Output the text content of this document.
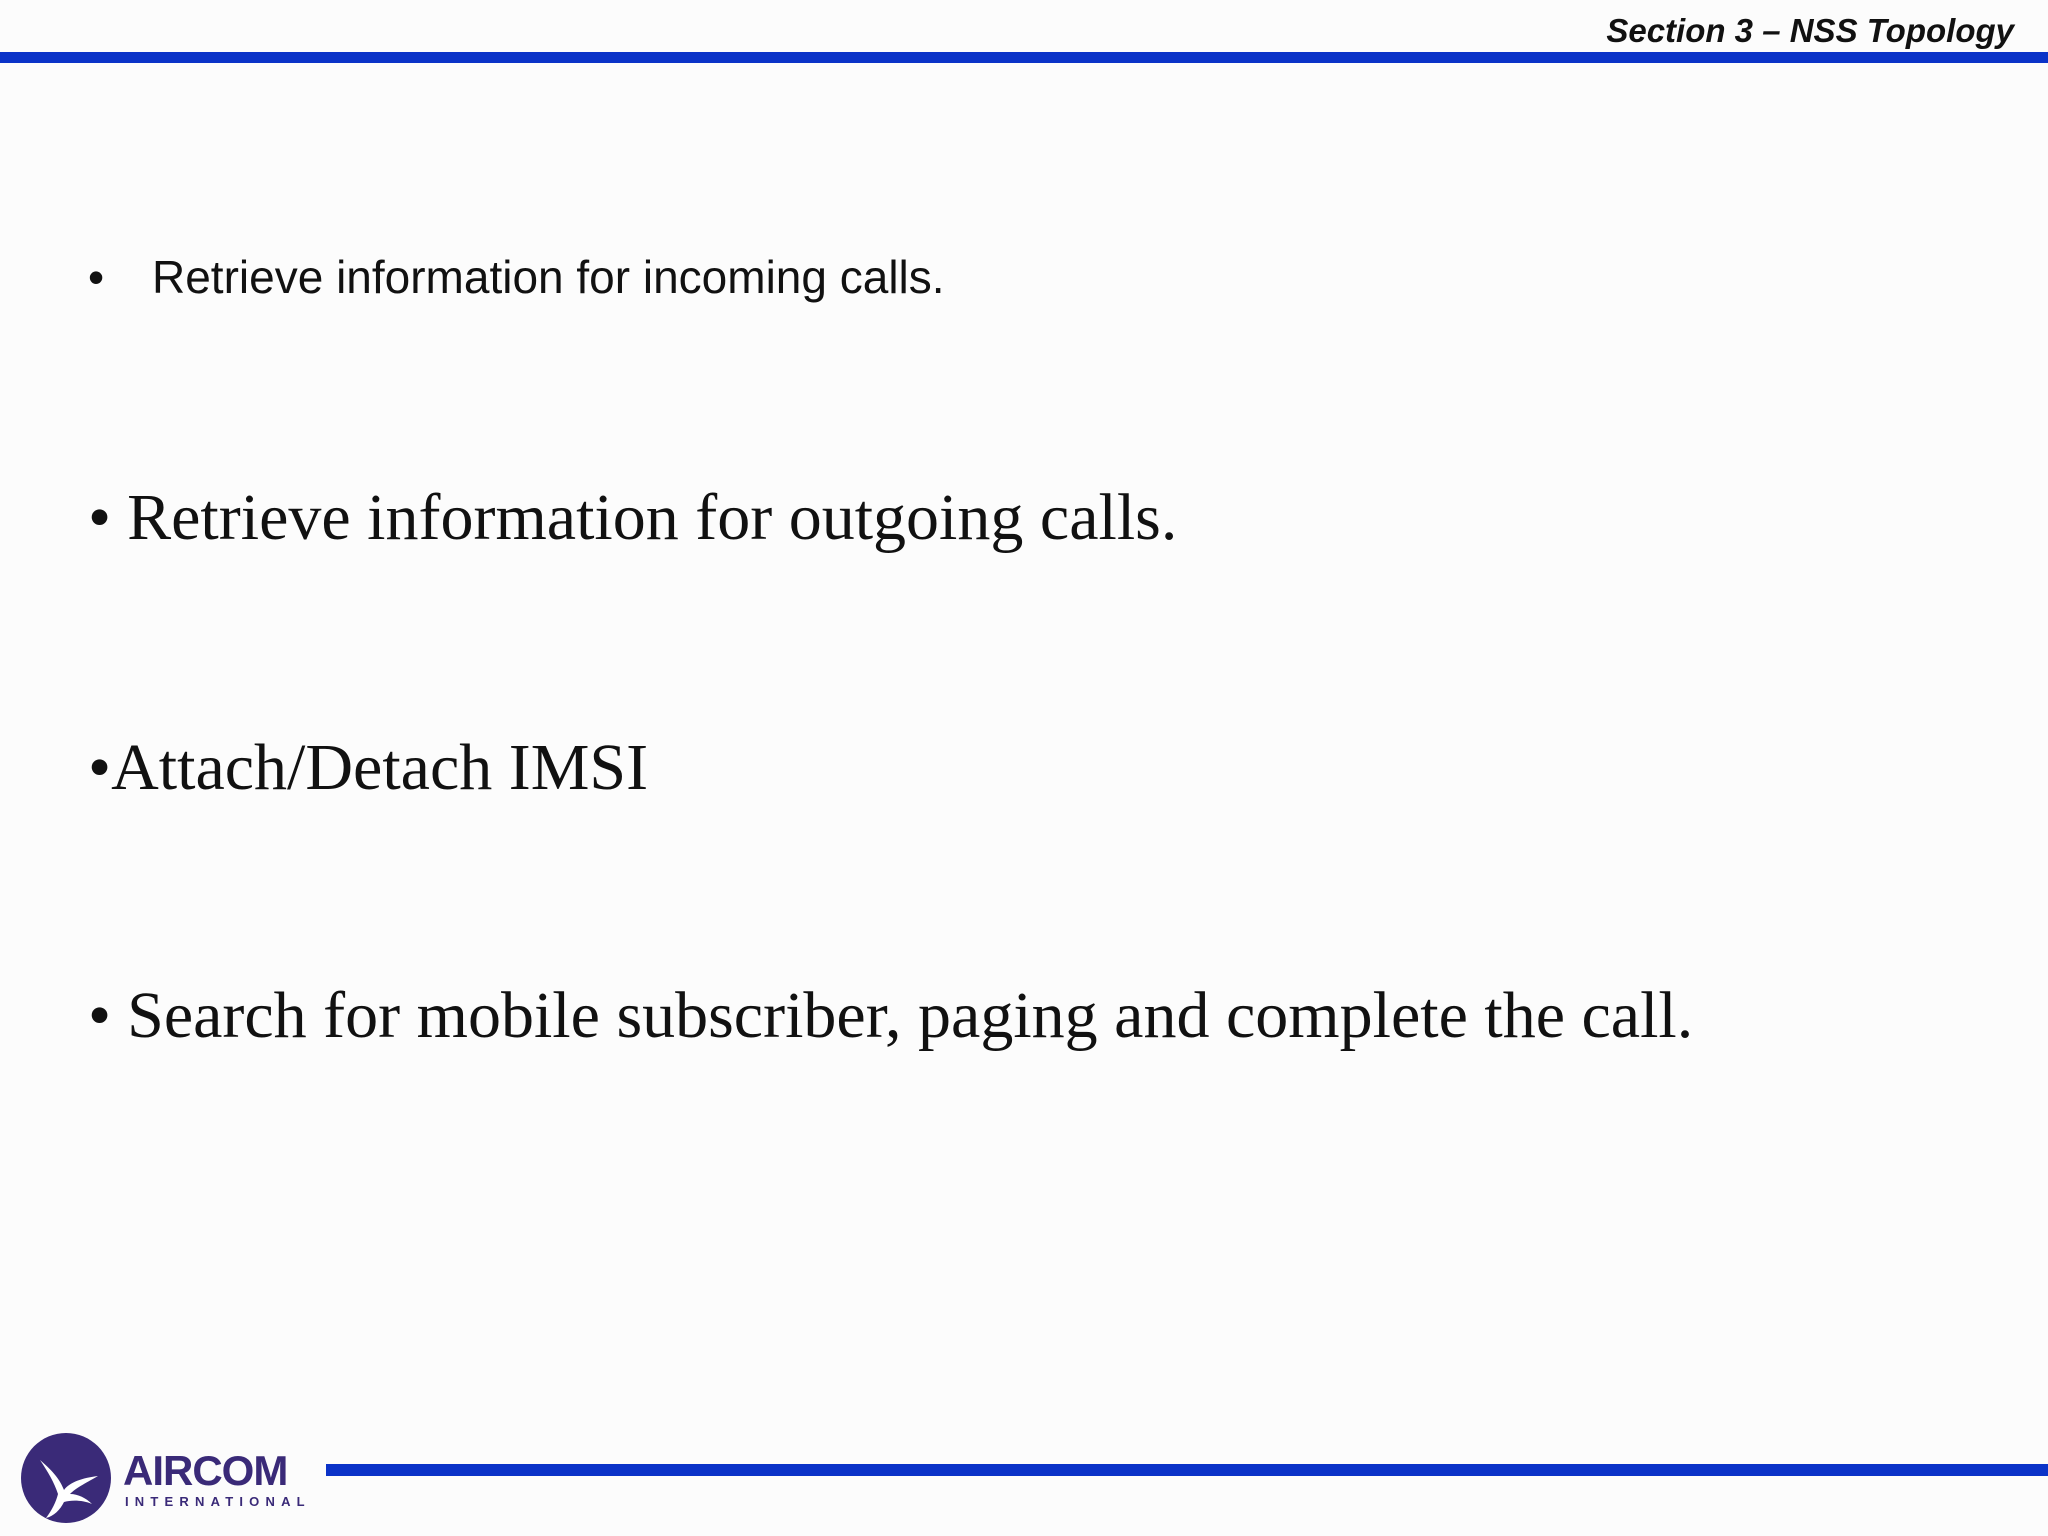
Section 3 – NSS Topology
• Retrieve information for incoming calls.
• Retrieve information for outgoing calls.
•Attach/Detach IMSI
• Search for mobile subscriber, paging and complete the call.
AIRCOM
INTERNATIONAL
